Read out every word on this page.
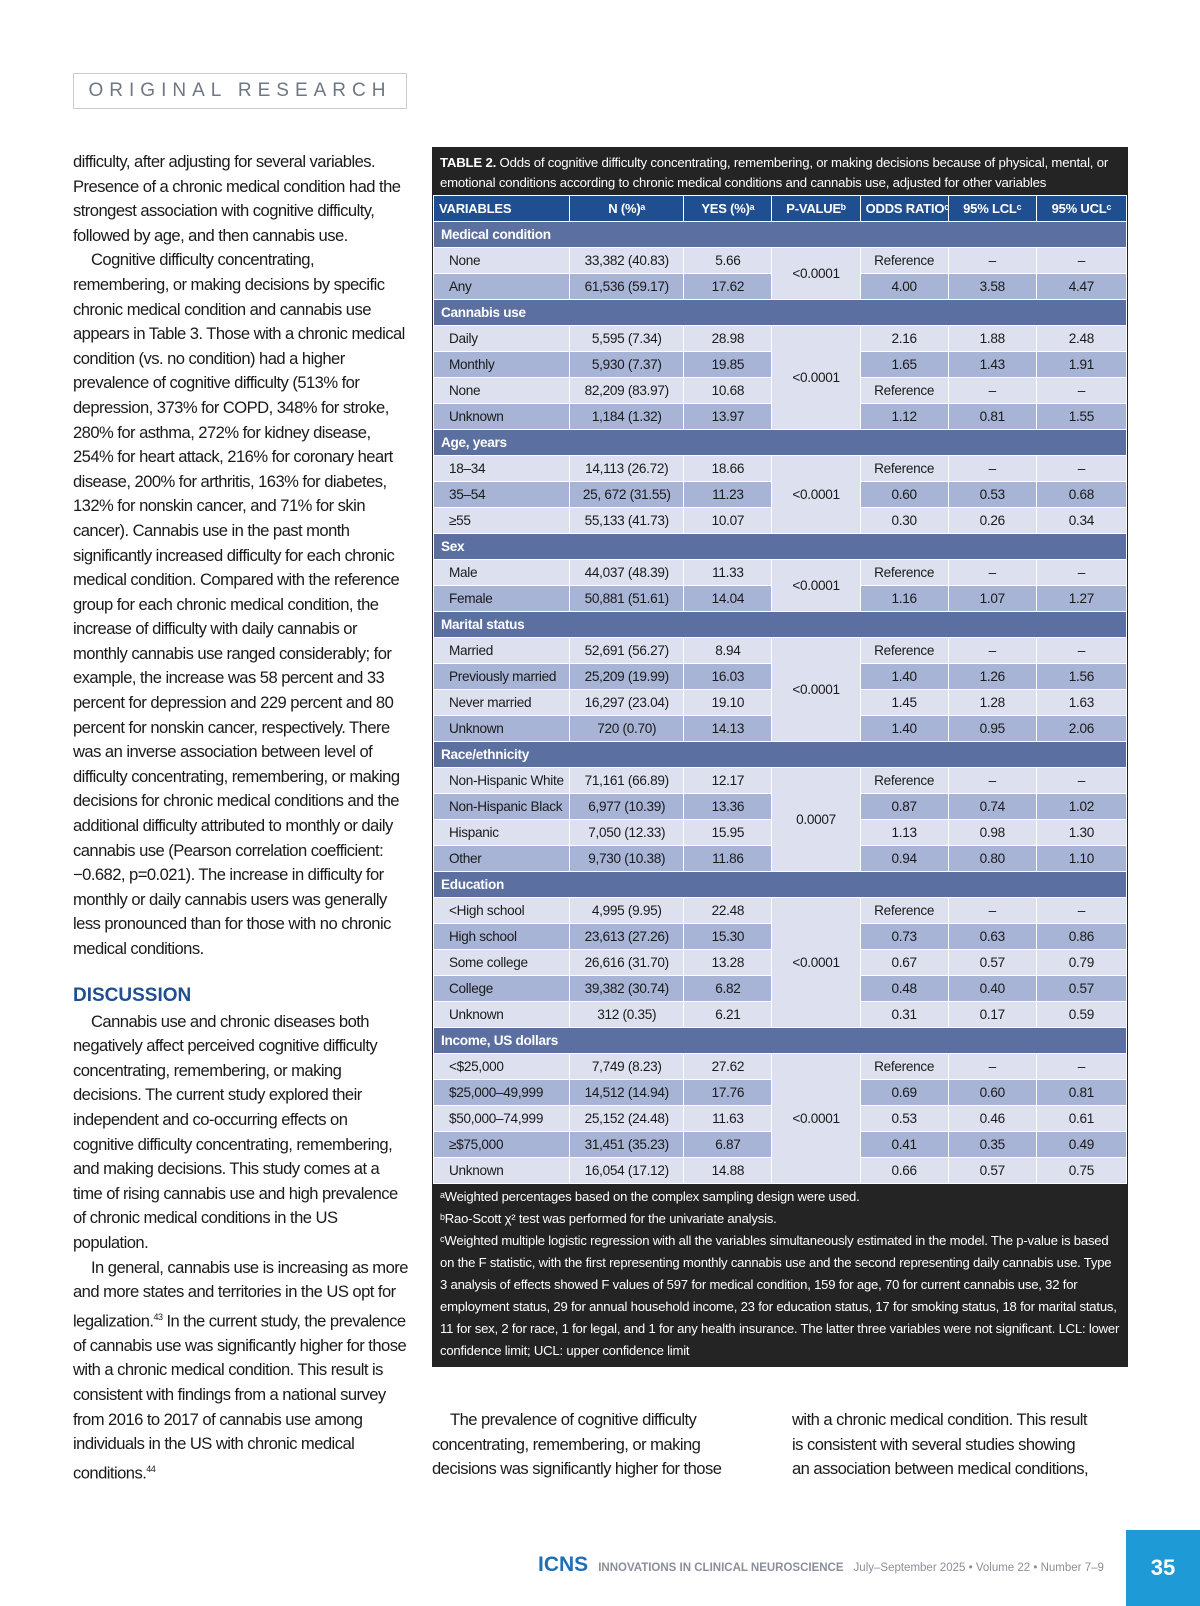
ORIGINAL RESEARCH

difficulty, after adjusting for several variables. Presence of a chronic medical condition had the strongest association with cognitive difficulty, followed by age, and then cannabis use.

Cognitive difficulty concentrating, remembering, or making decisions by specific chronic medical condition and cannabis use appears in Table 3. Those with a chronic medical condition (vs. no condition) had a higher prevalence of cognitive difficulty (513% for depression, 373% for COPD, 348% for stroke, 280% for asthma, 272% for kidney disease, 254% for heart attack, 216% for coronary heart disease, 200% for arthritis, 163% for diabetes, 132% for nonskin cancer, and 71% for skin cancer). Cannabis use in the past month significantly increased difficulty for each chronic medical condition. Compared with the reference group for each chronic medical condition, the increase of difficulty with daily cannabis or monthly cannabis use ranged considerably; for example, the increase was 58 percent and 33 percent for depression and 229 percent and 80 percent for nonskin cancer, respectively. There was an inverse association between level of difficulty concentrating, remembering, or making decisions for chronic medical conditions and the additional difficulty attributed to monthly or daily cannabis use (Pearson correlation coefficient: −0.682, p=0.021). The increase in difficulty for monthly or daily cannabis users was generally less pronounced than for those with no chronic medical conditions.

DISCUSSION

Cannabis use and chronic diseases both negatively affect perceived cognitive difficulty concentrating, remembering, or making decisions. The current study explored their independent and co-occurring effects on cognitive difficulty concentrating, remembering, and making decisions. This study comes at a time of rising cannabis use and high prevalence of chronic medical conditions in the US population.

In general, cannabis use is increasing as more and more states and territories in the US opt for legalization.$^{43}$ In the current study, the prevalence of cannabis use was significantly higher for those with a chronic medical condition. This result is consistent with findings from a national survey from 2016 to 2017 of cannabis use among individuals in the US with chronic medical conditions.$^{44}$

TABLE 2. Odds of cognitive difficulty concentrating, remembering, or making decisions because of physical, mental, or emotional conditions according to chronic medical conditions and cannabis use, adjusted for other variables
VARIABLES	N (%)ᵃ	YES (%)ᵃ	P-VALUEᵇ	ODDS RATIOᶜ	95% LCLᶜ	95% UCLᶜ
Medical condition						
None	33,382 (40.83)	5.66	<0.0001	Reference	–	–
Any	61,536 (59.17)	17.62		4.00	3.58	4.47
Cannabis use						
Daily	5,595 (7.34)	28.98	<0.0001	2.16	1.88	2.48
Monthly	5,930 (7.37)	19.85		1.65	1.43	1.91
None	82,209 (83.97)	10.68		Reference	–	–
Unknown	1,184 (1.32)	13.97		1.12	0.81	1.55
Age, years						
18–34	14,113 (26.72)	18.66	<0.0001	Reference	–	–
35–54	25, 672 (31.55)	11.23		0.60	0.53	0.68
≥55	55,133 (41.73)	10.07		0.30	0.26	0.34
Sex						
Male	44,037 (48.39)	11.33	<0.0001	Reference	–	–
Female	50,881 (51.61)	14.04		1.16	1.07	1.27
Marital status						
Married	52,691 (56.27)	8.94	<0.0001	Reference	–	–
Previously married	25,209 (19.99)	16.03		1.40	1.26	1.56
Never married	16,297 (23.04)	19.10		1.45	1.28	1.63
Unknown	720 (0.70)	14.13		1.40	0.95	2.06
Race/ethnicity						
Non-Hispanic White	71,161 (66.89)	12.17	0.0007	Reference	–	–
Non-Hispanic Black	6,977 (10.39)	13.36		0.87	0.74	1.02
Hispanic	7,050 (12.33)	15.95		1.13	0.98	1.30
Other	9,730 (10.38)	11.86		0.94	0.80	1.10
Education						
<High school	4,995 (9.95)	22.48	<0.0001	Reference	–	–
High school	23,613 (27.26)	15.30		0.73	0.63	0.86
Some college	26,616 (31.70)	13.28		0.67	0.57	0.79
College	39,382 (30.74)	6.82		0.48	0.40	0.57
Unknown	312 (0.35)	6.21		0.31	0.17	0.59
Income, US dollars						
<$25,000	7,749 (8.23)	27.62	<0.0001	Reference	–	–
$25,000–49,999	14,512 (14.94)	17.76		0.69	0.60	0.81
$50,000–74,999	25,152 (24.48)	11.63		0.53	0.46	0.61
≥$75,000	31,451 (35.23)	6.87		0.41	0.35	0.49
Unknown	16,054 (17.12)	14.88		0.66	0.57	0.75

ᵃWeighted percentages based on the complex sampling design were used.

ᵇRao-Scott χ² test was performed for the univariate analysis.

ᶜWeighted multiple logistic regression with all the variables simultaneously estimated in the model. The p-value is based on the F statistic, with the first representing monthly cannabis use and the second representing daily cannabis use. Type 3 analysis of effects showed F values of 597 for medical condition, 159 for age, 70 for current cannabis use, 32 for employment status, 29 for annual household income, 23 for education status, 17 for smoking status, 18 for marital status, 11 for sex, 2 for race, 1 for legal, and 1 for any health insurance. The latter three variables were not significant. LCL: lower confidence limit; UCL: upper confidence limit

The prevalence of cognitive difficulty concentrating, remembering, or making decisions was significantly higher for those

with a chronic medical condition. This result is consistent with several studies showing an association between medical conditions,

ICNS INNOVATIONS IN CLINICAL NEUROSCIENCE July–September 2025 • Volume 22 • Number 7–9	35
